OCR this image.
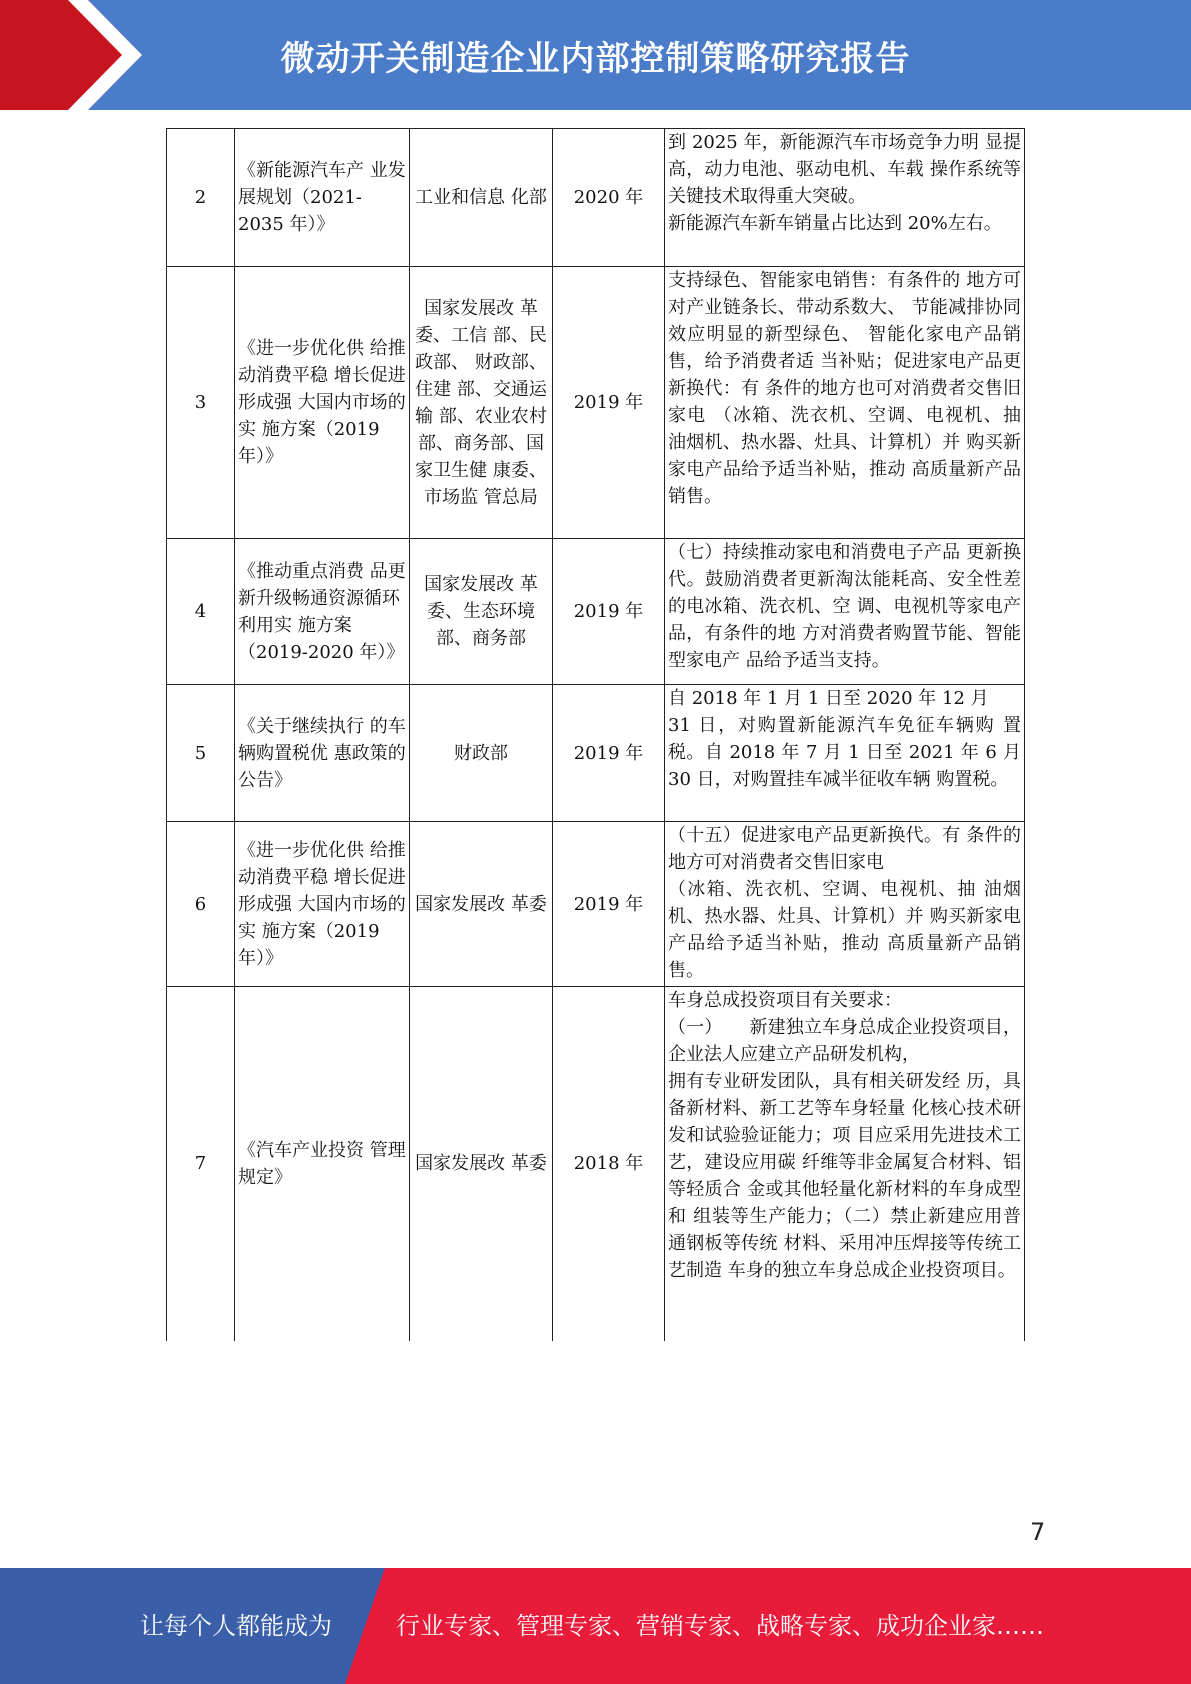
微动开关制造企业内部控制策略研究报告
2	《新能源汽车产 业发展规划（2021-2035 年）》	工业和信息 化部	2020 年	到 2025 年，新能源汽车市场竞争力明 显提高，动力电池、驱动电机、车载 操作系统等关键技术取得重大突破。
新能源汽车新车销量占比达到 20%左右。

3	《进一步优化供 给推动消费平稳 增长促进形成强 大国内市场的实 施方案（2019 年）》	国家发展改 革委、工信 部、民政部、 财政部、住建 部、交通运输 部、农业农村 部、商务部、国家卫生健 康委、市场监 管总局	2019 年	支持绿色、智能家电销售：有条件的 地方可对产业链条长、带动系数大、 节能减排协同效应明显的新型绿色、 智能化家电产品销售，给予消费者适 当补贴；促进家电产品更新换代：有 条件的地方也可对消费者交售旧家电 （冰箱、洗衣机、空调、电视机、抽 油烟机、热水器、灶具、计算机）并 购买新家电产品给予适当补贴，推动 高质量新产品销售。

4	《推动重点消费 品更新升级畅通资源循环利用实 施方案（2019-2020 年）》	国家发展改 革委、生态环境部、商务部	2019 年	（七）持续推动家电和消费电子产品 更新换代。鼓励消费者更新淘汰能耗高、安全性差的电冰箱、洗衣机、空 调、电视机等家电产品，有条件的地 方对消费者购置节能、智能型家电产 品给予适当支持。

5	《关于继续执行 的车辆购置税优 惠政策的公告》	财政部	2019 年	自 2018 年 1 月 1 日至 2020 年 12 月
31 日，对购置新能源汽车免征车辆购 置税。自 2018 年 7 月 1 日至 2021 年 6 月 30 日，对购置挂车减半征收车辆 购置税。

6	《进一步优化供 给推动消费平稳 增长促进形成强 大国内市场的实 施方案（2019 年）》	国家发展改 革委	2019 年	（十五）促进家电产品更新换代。有 条件的地方可对消费者交售旧家电
（冰箱、洗衣机、空调、电视机、抽 油烟机、热水器、灶具、计算机）并 购买新家电产品给予适当补贴，推动 高质量新产品销售。

7	《汽车产业投资 管理规定》	国家发展改 革委	2018 年	车身总成投资项目有关要求：
（一）　　新建独立车身总成企业投资项目，企业法人应建立产品研发机构，
拥有专业研发团队，具有相关研发经 历，具备新材料、新工艺等车身轻量 化核心技术研发和试验验证能力；项 目应采用先进技术工艺，建设应用碳 纤维等非金属复合材料、铝等轻质合 金或其他轻量化新材料的车身成型和 组装等生产能力；（二）禁止新建应用普通钢板等传统 材料、采用冲压焊接等传统工艺制造 车身的独立车身总成企业投资项目。
7
让每个人都能成为	行业专家、管理专家、营销专家、战略专家、成功企业家……
